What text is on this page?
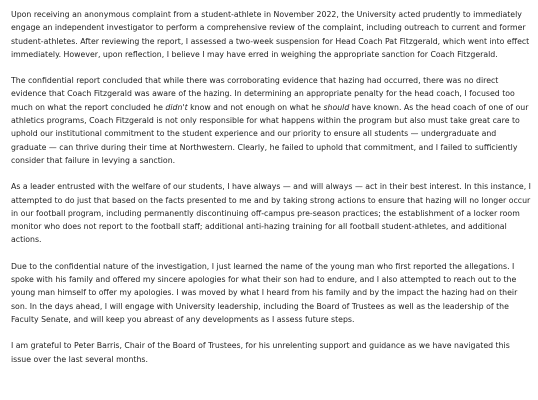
Upon receiving an anonymous complaint from a student-athlete in November 2022, the University acted prudently to immediately engage an independent investigator to perform a comprehensive review of the complaint, including outreach to current and former student-athletes. After reviewing the report, I assessed a two-week suspension for Head Coach Pat Fitzgerald, which went into effect immediately. However, upon reflection, I believe I may have erred in weighing the appropriate sanction for Coach Fitzgerald.

The confidential report concluded that while there was corroborating evidence that hazing had occurred, there was no direct evidence that Coach Fitzgerald was aware of the hazing. In determining an appropriate penalty for the head coach, I focused too much on what the report concluded he didn't know and not enough on what he should have known. As the head coach of one of our athletics programs, Coach Fitzgerald is not only responsible for what happens within the program but also must take great care to uphold our institutional commitment to the student experience and our priority to ensure all students — undergraduate and graduate — can thrive during their time at Northwestern. Clearly, he failed to uphold that commitment, and I failed to sufficiently consider that failure in levying a sanction.

As a leader entrusted with the welfare of our students, I have always — and will always — act in their best interest. In this instance, I attempted to do just that based on the facts presented to me and by taking strong actions to ensure that hazing will no longer occur in our football program, including permanently discontinuing off-campus pre-season practices; the establishment of a locker room monitor who does not report to the football staff; additional anti-hazing training for all football student-athletes, and additional actions.

Due to the confidential nature of the investigation, I just learned the name of the young man who first reported the allegations. I spoke with his family and offered my sincere apologies for what their son had to endure, and I also attempted to reach out to the young man himself to offer my apologies. I was moved by what I heard from his family and by the impact the hazing had on their son. In the days ahead, I will engage with University leadership, including the Board of Trustees as well as the leadership of the Faculty Senate, and will keep you abreast of any developments as I assess future steps.

I am grateful to Peter Barris, Chair of the Board of Trustees, for his unrelenting support and guidance as we have navigated this issue over the last several months.
